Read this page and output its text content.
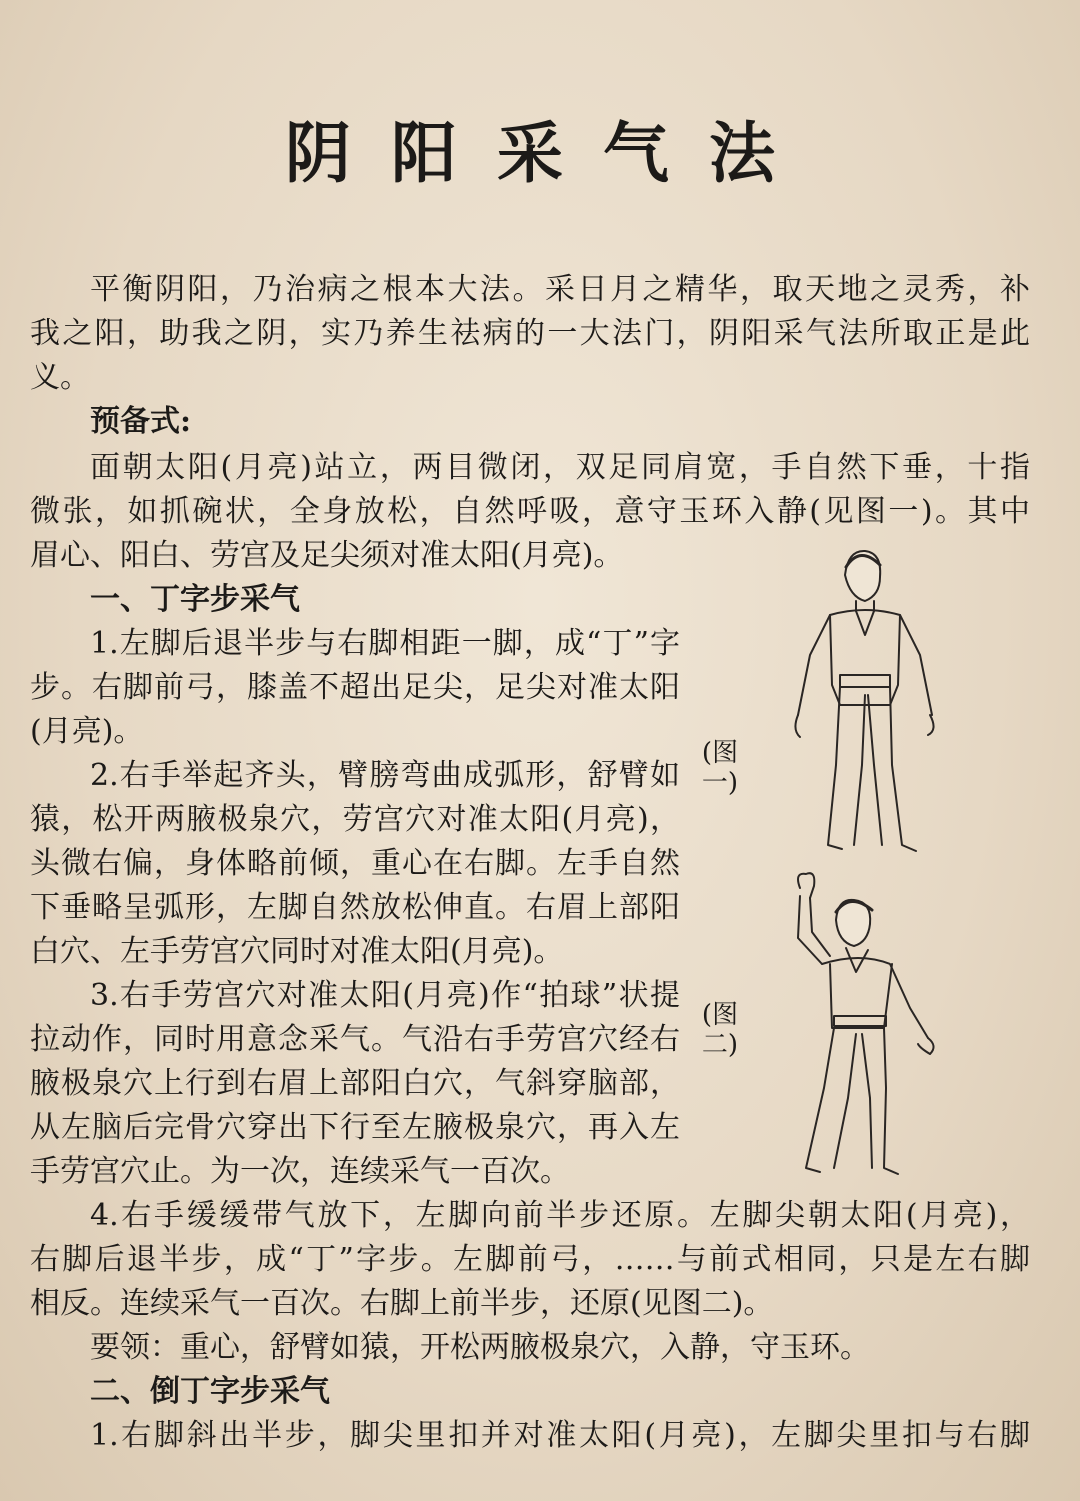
阴阳采气法
平衡阴阳，乃治病之根本大法。采日月之精华，取天地之灵秀，补
我之阳，助我之阴，实乃养生祛病的一大法门，阴阳采气法所取正是此
义。
预备式:
面朝太阳(月亮)站立，两目微闭，双足同肩宽，手自然下垂，十指
微张，如抓碗状，全身放松，自然呼吸，意守玉环入静(见图一)。其中
眉心、阳白、劳宫及足尖须对准太阳(月亮)。
一、丁字步采气
1.左脚后退半步与右脚相距一脚，成“丁”字
步。右脚前弓，膝盖不超出足尖，足尖对准太阳
(月亮)。
2.右手举起齐头，臂膀弯曲成弧形，舒臂如
猿，松开两腋极泉穴，劳宫穴对准太阳(月亮)，
头微右偏，身体略前倾，重心在右脚。左手自然
下垂略呈弧形，左脚自然放松伸直。右眉上部阳
白穴、左手劳宫穴同时对准太阳(月亮)。
3.右手劳宫穴对准太阳(月亮)作“拍球”状提
拉动作，同时用意念采气。气沿右手劳宫穴经右
腋极泉穴上行到右眉上部阳白穴，气斜穿脑部，
从左脑后完骨穴穿出下行至左腋极泉穴，再入左
手劳宫穴止。为一次，连续采气一百次。
4.右手缓缓带气放下，左脚向前半步还原。左脚尖朝太阳(月亮)，
右脚后退半步，成“丁”字步。左脚前弓，……与前式相同，只是左右脚
相反。连续采气一百次。右脚上前半步，还原(见图二)。
要领：重心，舒臂如猿，开松两腋极泉穴，入静，守玉环。
二、倒丁字步采气
1.右脚斜出半步，脚尖里扣并对准太阳(月亮)，左脚尖里扣与右脚
(图一)
(图二)
